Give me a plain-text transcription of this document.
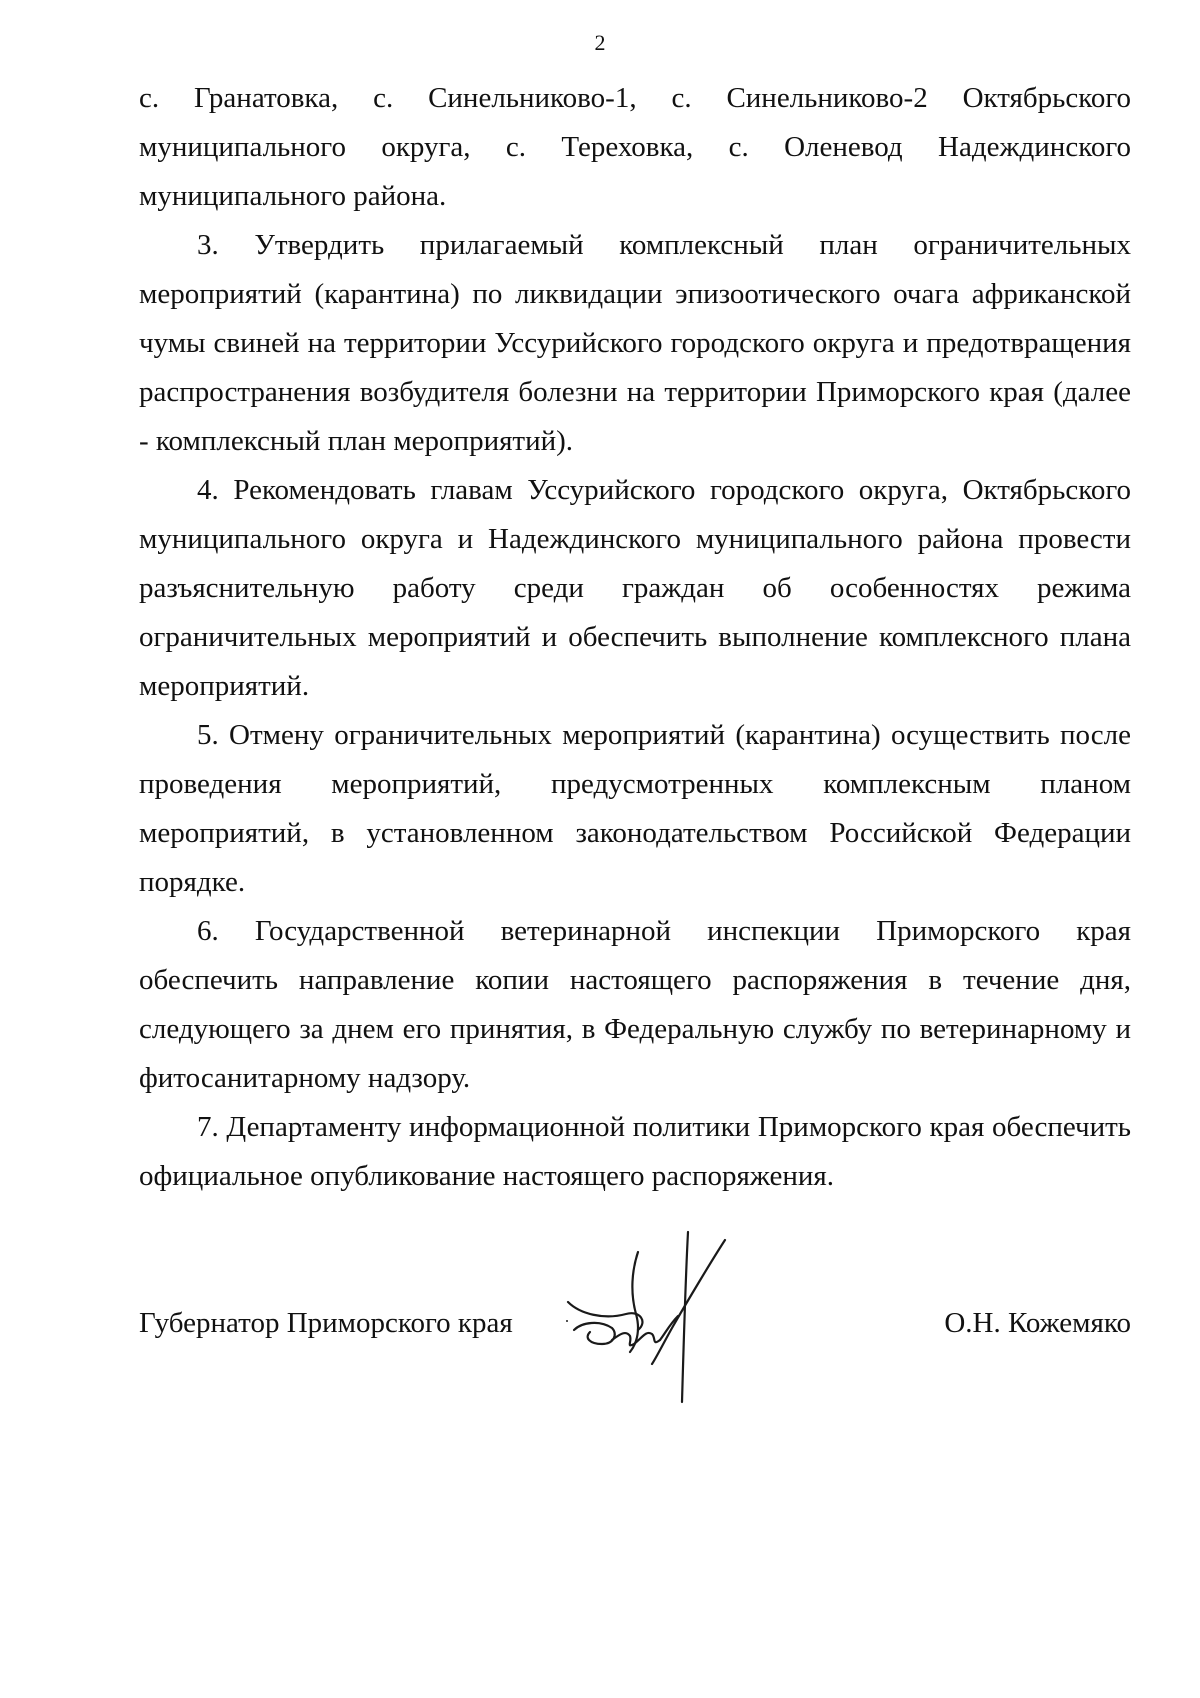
2

с. Гранатовка, с. Синельниково-1, с. Синельниково-2 Октябрьского муниципального округа, с. Тереховка, с. Оленевод Надеждинского муниципального района.

3. Утвердить прилагаемый комплексный план ограничительных мероприятий (карантина) по ликвидации эпизоотического очага африканской чумы свиней на территории Уссурийского городского округа и предотвращения распространения возбудителя болезни на территории Приморского края (далее - комплексный план мероприятий).

4. Рекомендовать главам Уссурийского городского округа, Октябрьского муниципального округа и Надеждинского муниципального района провести разъяснительную работу среди граждан об особенностях режима ограничительных мероприятий и обеспечить выполнение комплексного плана мероприятий.

5. Отмену ограничительных мероприятий (карантина) осуществить после проведения мероприятий, предусмотренных комплексным планом мероприятий, в установленном законодательством Российской Федерации порядке.

6. Государственной ветеринарной инспекции Приморского края обеспечить направление копии настоящего распоряжения в течение дня, следующего за днем его принятия, в Федеральную службу по ветеринарному и фитосанитарному надзору.

7. Департаменту информационной политики Приморского края обеспечить официальное опубликование настоящего распоряжения.

Губернатор Приморского края	О.Н. Кожемяко
